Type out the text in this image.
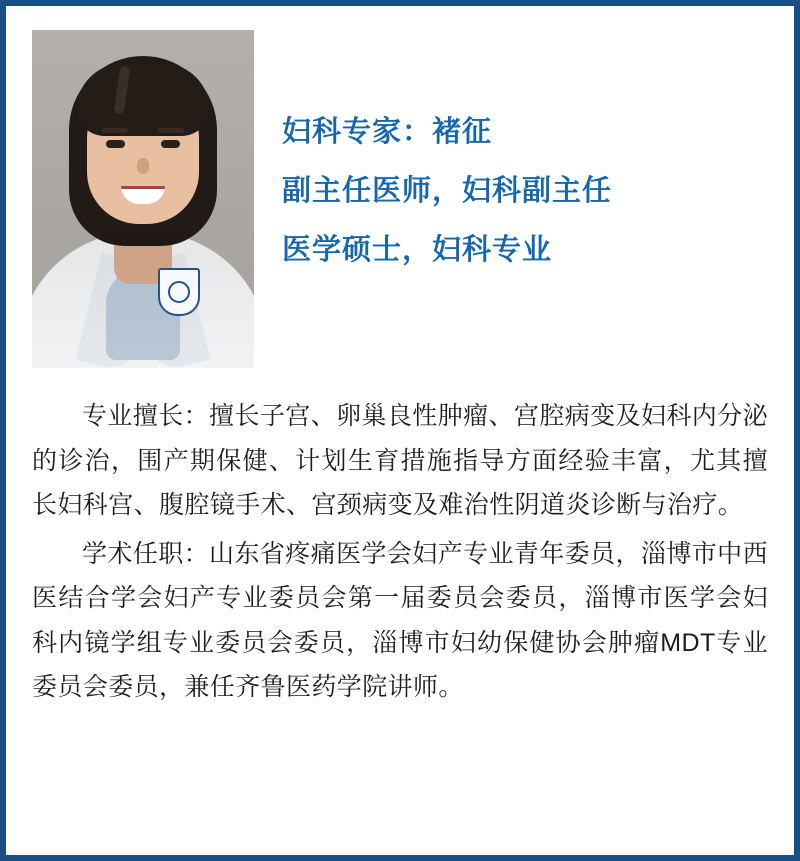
妇科专家：褚征
副主任医师，妇科副主任
医学硕士，妇科专业

专业擅长：擅长子宫、卵巢良性肿瘤、宫腔病变及妇科内分泌的诊治，围产期保健、计划生育措施指导方面经验丰富，尤其擅长妇科宫、腹腔镜手术、宫颈病变及难治性阴道炎诊断与治疗。

学术任职：山东省疼痛医学会妇产专业青年委员，淄博市中西医结合学会妇产专业委员会第一届委员会委员，淄博市医学会妇科内镜学组专业委员会委员，淄博市妇幼保健协会肿瘤MDT专业委员会委员，兼任齐鲁医药学院讲师。
